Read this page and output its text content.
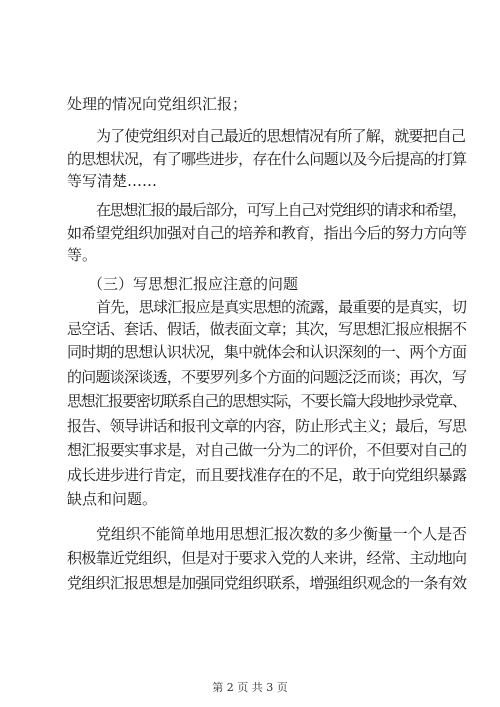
处理的情况向党组织汇报；
为了使党组织对自己最近的思想情况有所了解，就要把自己
的思想状况，有了哪些进步，存在什么问题以及今后提高的打算
等写清楚……
在思想汇报的最后部分，可写上自己对党组织的请求和希望，
如希望党组织加强对自己的培养和教育，指出今后的努力方向等
等。
（三）写思想汇报应注意的问题
首先，思球汇报应是真实思想的流露，最重要的是真实，切
忌空话、套话、假话，做表面文章；其次，写思想汇报应根据不
同时期的思想认识状况，集中就体会和认识深刻的一、两个方面
的问题谈深谈透，不要罗列多个方面的问题泛泛而谈；再次，写
思想汇报要密切联系自己的思想实际，不要长篇大段地抄录党章、
报告、领导讲话和报刊文章的内容，防止形式主义；最后，写思
想汇报要实事求是，对自己做一分为二的评价，不但要对自己的
成长进步进行肯定，而且要找准存在的不足，敢于向党组织暴露
缺点和问题。
党组织不能简单地用思想汇报次数的多少衡量一个人是否
积极靠近党组织，但是对于要求入党的人来讲，经常、主动地向
党组织汇报思想是加强同党组织联系，增强组织观念的一条有效
第 2 页 共 3 页
